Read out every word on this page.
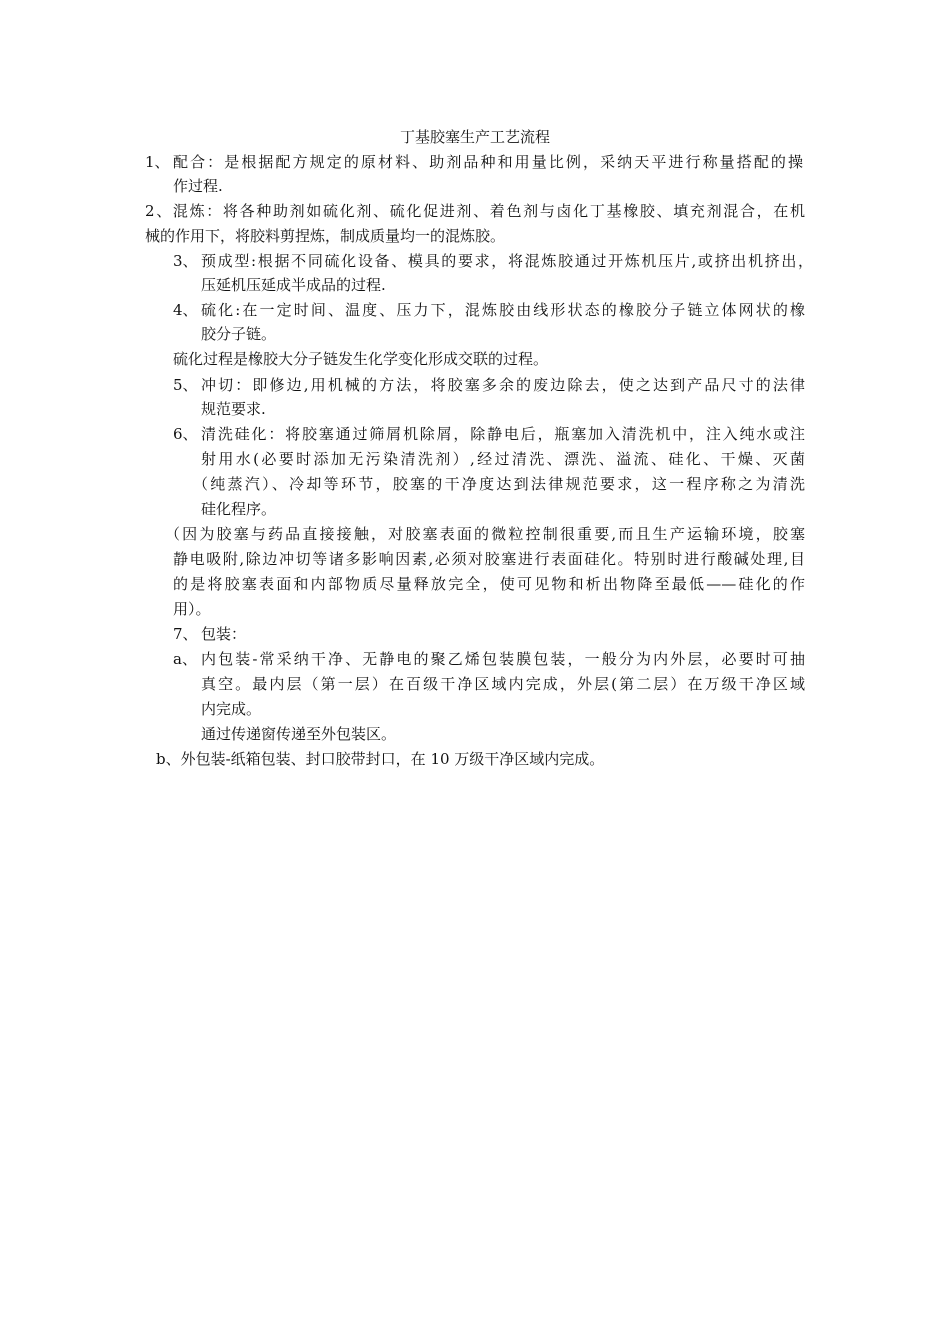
丁基胶塞生产工艺流程
1、 配合：是根据配方规定的原材料、助剂品种和用量比例，采纳天平进行称量搭配的操
作过程.
2、混炼：将各种助剂如硫化剂、硫化促进剂、着色剂与卤化丁基橡胶、填充剂混合，在机
械的作用下，将胶料剪捏炼，制成质量均一的混炼胶。
3、 预成型:根据不同硫化设备、模具的要求，将混炼胶通过开炼机压片,或挤出机挤出，
压延机压延成半成品的过程.
4、 硫化:在一定时间、温度、压力下，混炼胶由线形状态的橡胶分子链立体网状的橡
胶分子链。
硫化过程是橡胶大分子链发生化学变化形成交联的过程。
5、 冲切：即修边,用机械的方法，将胶塞多余的废边除去，使之达到产品尺寸的法律
规范要求.
6、 清洗硅化：将胶塞通过筛屑机除屑，除静电后，瓶塞加入清洗机中，注入纯水或注
射用水(必要时添加无污染清洗剂）,经过清洗、漂洗、溢流、硅化、干燥、灭菌
（纯蒸汽）、冷却等环节，胶塞的干净度达到法律规范要求，这一程序称之为清洗
硅化程序。
（因为胶塞与药品直接接触，对胶塞表面的微粒控制很重要,而且生产运输环境，胶塞
静电吸附,除边冲切等诸多影响因素,必须对胶塞进行表面硅化。特别时进行酸碱处理,目
的是将胶塞表面和内部物质尽量释放完全，使可见物和析出物降至最低——硅化的作
用）。
7、 包装：
a、 内包装-常采纳干净、无静电的聚乙烯包装膜包装，一般分为内外层，必要时可抽
真空。最内层（第一层）在百级干净区域内完成，外层(第二层）在万级干净区域
内完成。
通过传递窗传递至外包装区。
b、外包装-纸箱包装、封口胶带封口，在 10 万级干净区域内完成。
